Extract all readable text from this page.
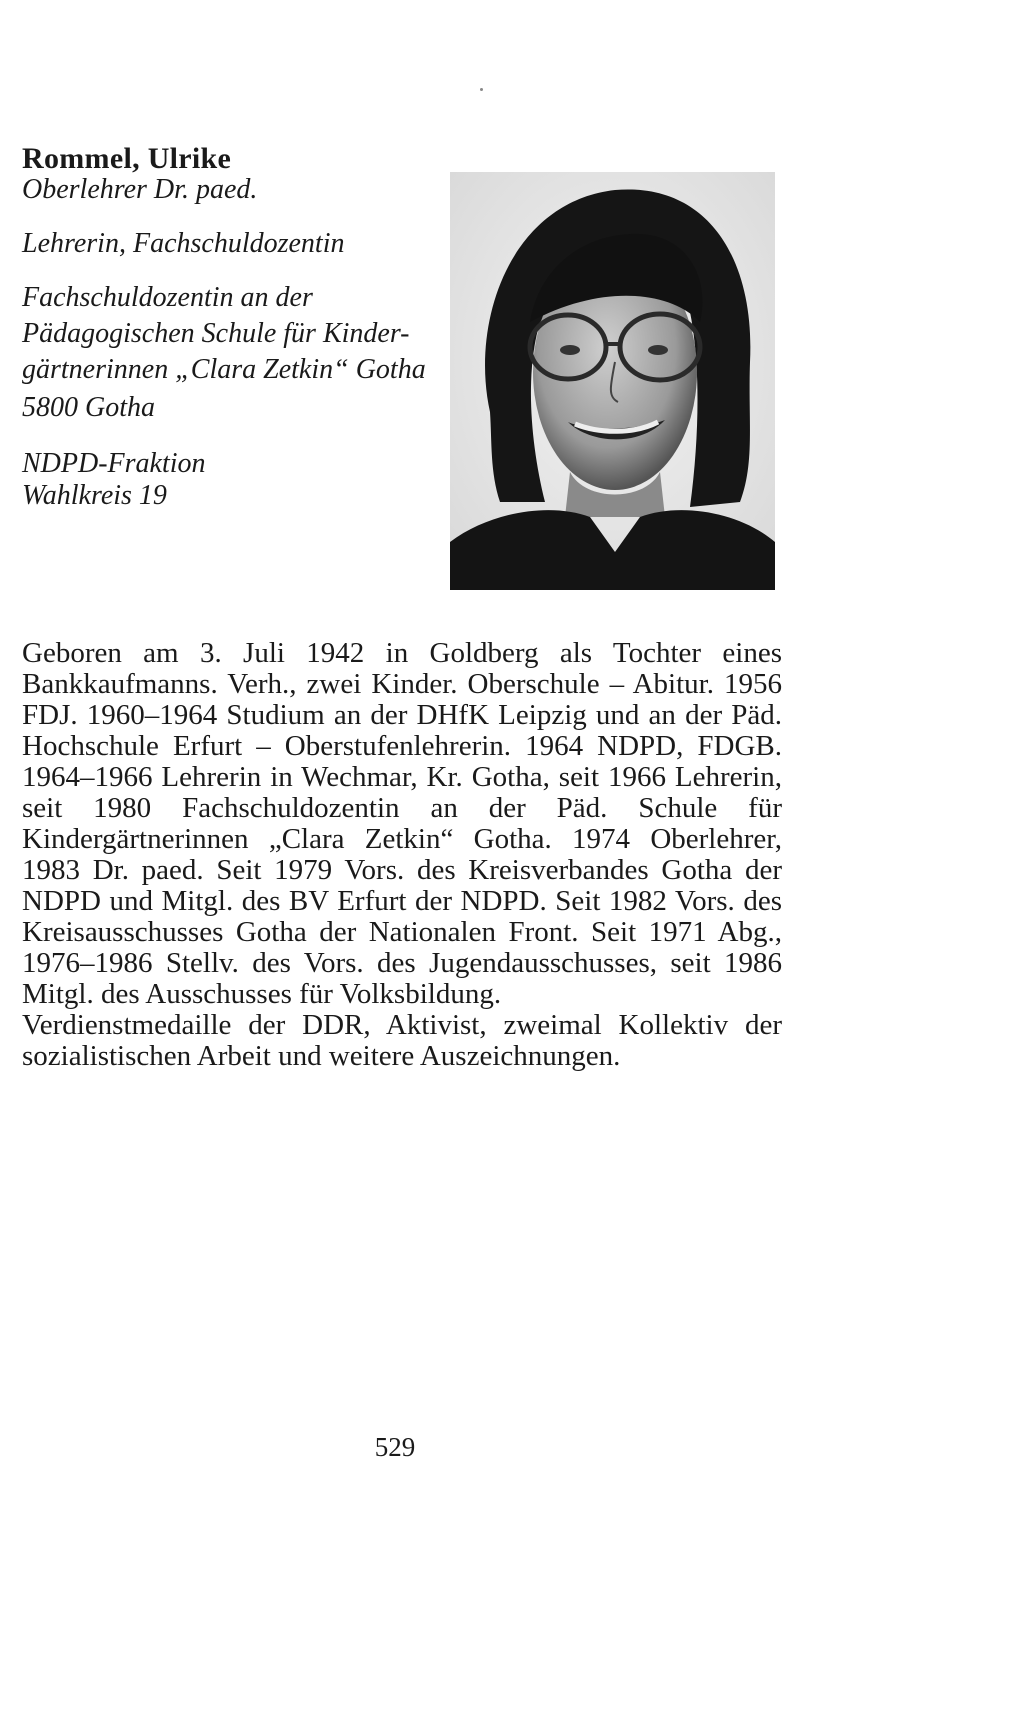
Rommel, Ulrike
Oberlehrer Dr. paed.
Lehrerin, Fachschuldozentin
Fachschuldozentin an der
Pädagogischen Schule für Kinder-
gärtnerinnen „Clara Zetkin“ Gotha
5800 Gotha
NDPD-Fraktion
Wahlkreis 19

Geboren am 3. Juli 1942 in Goldberg als Tochter eines Bankkaufmanns. Verh., zwei Kinder. Oberschule – Abitur. 1956 FDJ. 1960–1964 Studium an der DHfK Leipzig und an der Päd. Hochschule Erfurt – Oberstufenlehrerin. 1964 NDPD, FDGB. 1964–1966 Lehrerin in Wechmar, Kr. Gotha, seit 1966 Lehrerin, seit 1980 Fachschuldozentin an der Päd. Schule für Kindergärtnerinnen „Clara Zetkin“ Gotha. 1974 Oberlehrer, 1983 Dr. paed. Seit 1979 Vors. des Kreisverbandes Gotha der NDPD und Mitgl. des BV Erfurt der NDPD. Seit 1982 Vors. des Kreisausschusses Gotha der Nationalen Front. Seit 1971 Abg., 1976–1986 Stellv. des Vors. des Jugendausschusses, seit 1986 Mitgl. des Ausschusses für Volksbildung.

Verdienstmedaille der DDR, Aktivist, zweimal Kollektiv der sozialistischen Arbeit und weitere Auszeichnungen.

529
